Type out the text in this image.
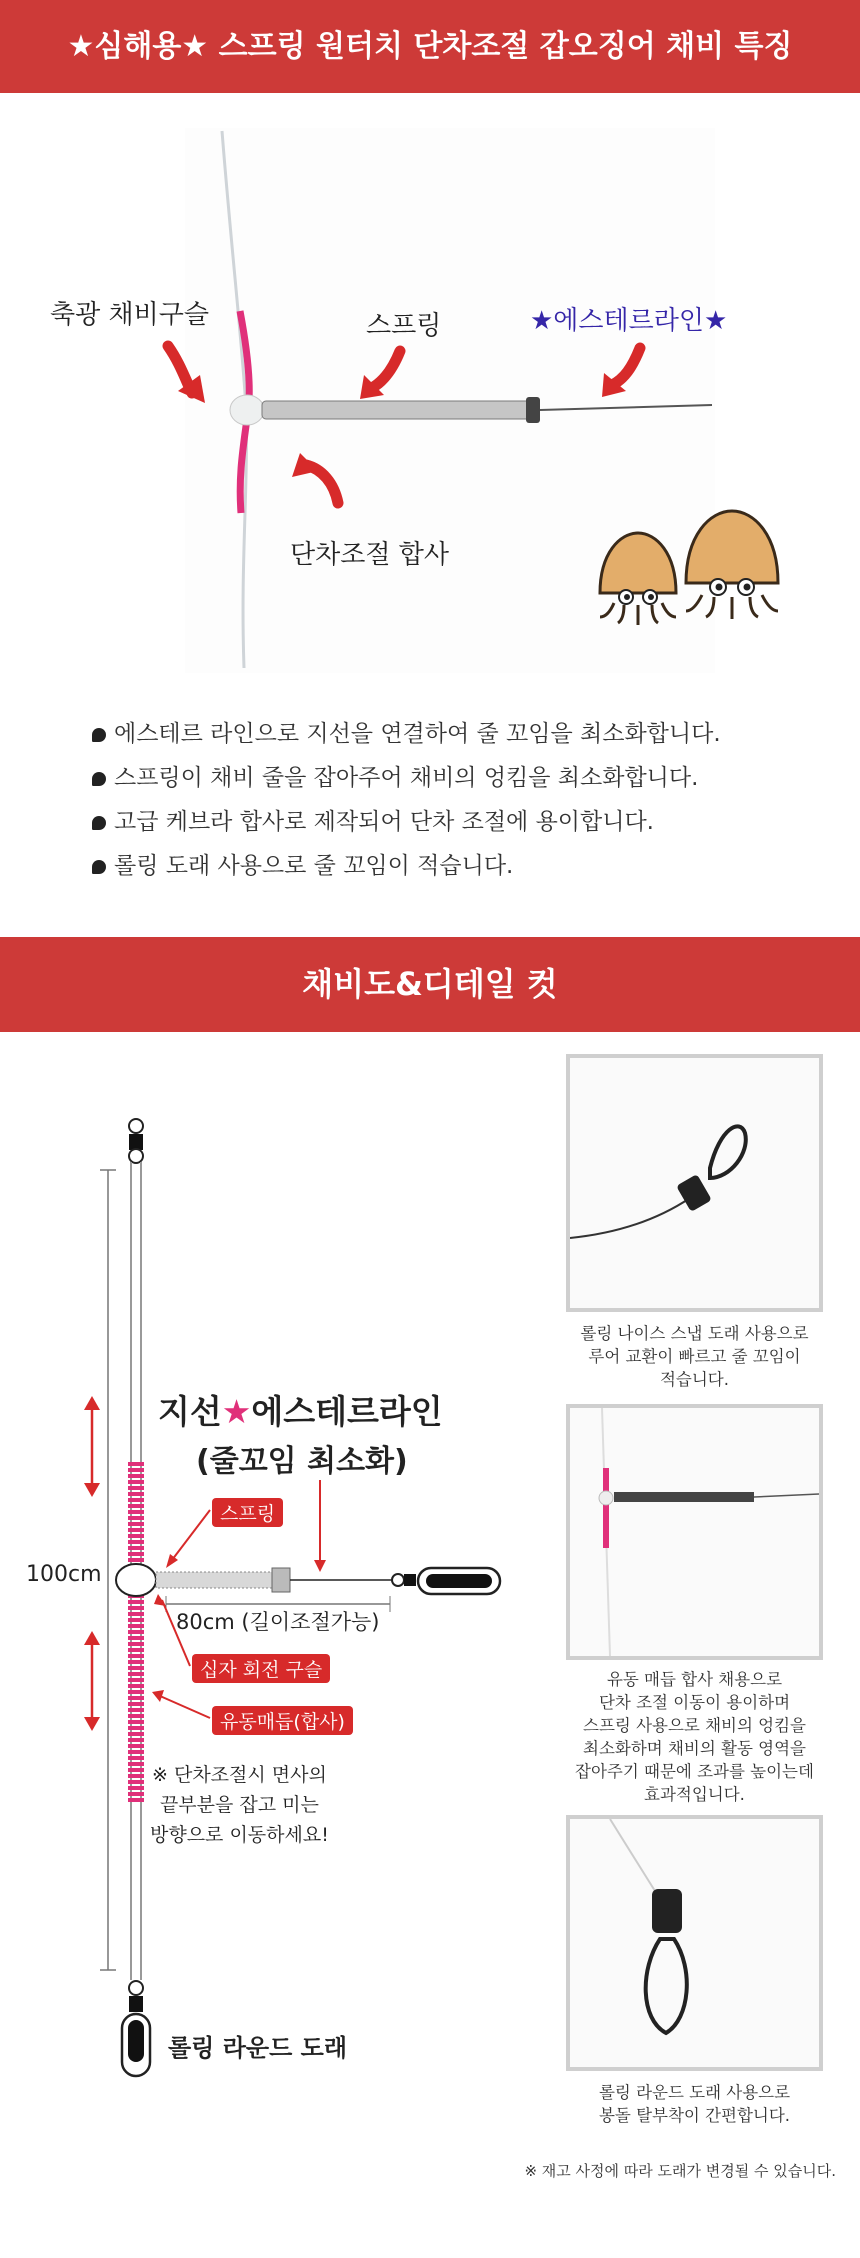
★심해용★ 스프링 원터치 단차조절 갑오징어 채비 특징
축광 채비구슬	스프링	★에스테르라인★
단차조절 합사
에스테르 라인으로 지선을 연결하여 줄 꼬임을 최소화합니다.
스프링이 채비 줄을 잡아주어 채비의 엉킴을 최소화합니다.
고급 케브라 합사로 제작되어 단차 조절에 용이합니다.
롤링 도래 사용으로 줄 꼬임이 적습니다.
채비도&디테일 컷
지선★에스테르라인
(줄꼬임 최소화)
스프링
100cm
80cm (길이조절가능)
십자 회전 구슬
유동매듭(합사)
※ 단차조절시 면사의
끝부분을 잡고 미는
방향으로 이동하세요!
롤링 라운드 도래
롤링 나이스 스냅 도래 사용으로
루어 교환이 빠르고 줄 꼬임이
적습니다.
유동 매듭 합사 채용으로
단차 조절 이동이 용이하며
스프링 사용으로 채비의 엉킴을
최소화하며 채비의 활동 영역을
잡아주기 때문에 조과를 높이는데
효과적입니다.
롤링 라운드 도래 사용으로
봉돌 탈부착이 간편합니다.
※ 재고 사정에 따라 도래가 변경될 수 있습니다.
